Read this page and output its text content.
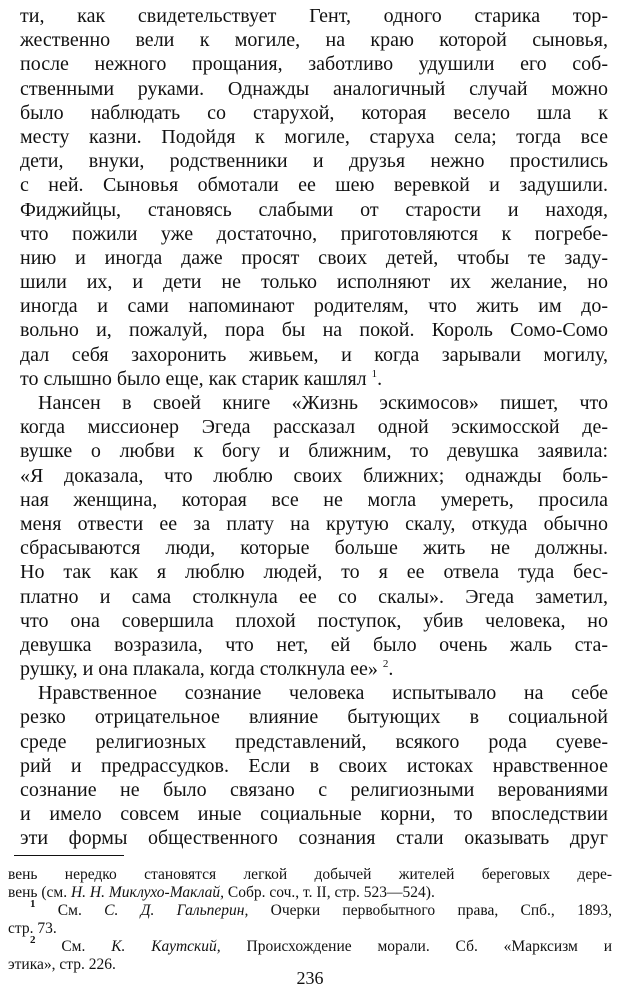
ти, как свидетельствует Гент, одного старика тор-
жественно вели к могиле, на краю которой сыновья,
после нежного прощания, заботливо удушили его соб-
ственными руками. Однажды аналогичный случай можно
было наблюдать со старухой, которая весело шла к
месту казни. Подойдя к могиле, старуха села; тогда все
дети, внуки, родственники и друзья нежно простились
с ней. Сыновья обмотали ее шею веревкой и задушили.
Фиджийцы, становясь слабыми от старости и находя,
что пожили уже достаточно, приготовляются к погребе-
нию и иногда даже просят своих детей, чтобы те заду-
шили их, и дети не только исполняют их желание, но
иногда и сами напоминают родителям, что жить им до-
вольно и, пожалуй, пора бы на покой. Король Сомо-Сомо
дал себя захоронить живьем, и когда зарывали могилу,
то слышно было еще, как старик кашлял $^1$.
Нансен в своей книге «Жизнь эскимосов» пишет, что
когда миссионер Эгеда рассказал одной эскимосской де-
вушке о любви к богу и ближним, то девушка заявила:
«Я доказала, что люблю своих ближних; однажды боль-
ная женщина, которая все не могла умереть, просила
меня отвести ее за плату на крутую скалу, откуда обычно
сбрасываются люди, которые больше жить не должны.
Но так как я люблю людей, то я ее отвела туда бес-
платно и сама столкнула ее со скалы». Эгеда заметил,
что она совершила плохой поступок, убив человека, но
девушка возразила, что нет, ей было очень жаль ста-
рушку, и она плакала, когда столкнула ее» $^2$.
Нравственное сознание человека испытывало на себе
резко отрицательное влияние бытующих в социальной
среде религиозных представлений, всякого рода суеве-
рий и предрассудков. Если в своих истоках нравственное
сознание не было связано с религиозными верованиями
и имело совсем иные социальные корни, то впоследствии
эти формы общественного сознания стали оказывать друг
вень нередко становятся легкой добычей жителей береговых дере-
вень (см. Н. Н. Миклухо-Маклай, Собр. соч., т. II, стр. 523—524).
$^1$ См. С. Д. Гальперин, Очерки первобытного права, Спб., 1893,
стр. 73.
$^2$ См. К. Каутский, Происхождение морали. Сб. «Марксизм и
этика», стр. 226.
236
